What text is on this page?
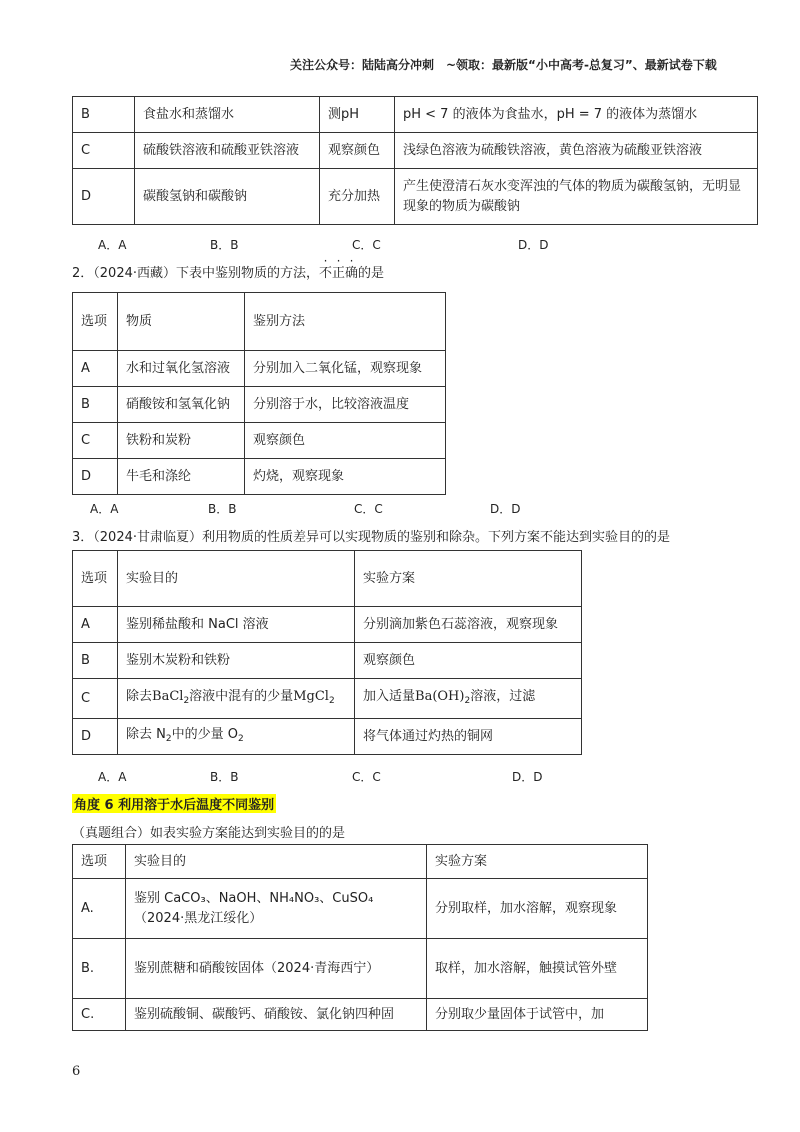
关注公众号：陆陆高分冲刺　~领取：最新版“小中高考-总复习”、最新试卷下载
B	食盐水和蒸馏水	测pH	pH < 7 的液体为食盐水，pH = 7 的液体为蒸馏水
C	硫酸铁溶液和硫酸亚铁溶液	观察颜色	浅绿色溶液为硫酸铁溶液，黄色溶液为硫酸亚铁溶液
D	碳酸氢钠和碳酸钠	充分加热	产生使澄清石灰水变浑浊的气体的物质为碳酸氢钠，无明显现象的物质为碳酸钠
A．A	B．B	C．C	D．D
2．（2024·西藏）下表中鉴别物质的方法，不正确的是
选项	物质	鉴别方法
A	水和过氧化氢溶液	分别加入二氧化锰，观察现象
B	硝酸铵和氢氧化钠	分别溶于水，比较溶液温度
C	铁粉和炭粉	观察颜色
D	牛毛和涤纶	灼烧，观察现象
A．A	B．B	C．C	D．D
3．（2024·甘肃临夏）利用物质的性质差异可以实现物质的鉴别和除杂。下列方案不能达到实验目的的是
选项	实验目的	实验方案
A	鉴别稀盐酸和 NaCl 溶液	分别滴加紫色石蕊溶液，观察现象
B	鉴别木炭粉和铁粉	观察颜色
C	除去BaCl$_2$溶液中混有的少量MgCl$_2$	加入适量$Ba(OH)_2$溶液，过滤
D	除去 $N_2$中的少量 $O_2$	将气体通过灼热的铜网
A．A	B．B	C．C	D．D
角度 6 利用溶于水后温度不同鉴别
（真题组合）如表实验方案能达到实验目的的是
选项	实验目的	实验方案
A.	鉴别 CaCO₃、NaOH、NH₄NO₃、CuSO₄（2024·黑龙江绥化）	分别取样，加水溶解，观察现象
B.	鉴别蔗糖和硝酸铵固体（2024·青海西宁）	取样，加水溶解，触摸试管外壁
C.	鉴别硫酸铜、碳酸钙、硝酸铵、氯化钠四种固	分别取少量固体于试管中，加
6
